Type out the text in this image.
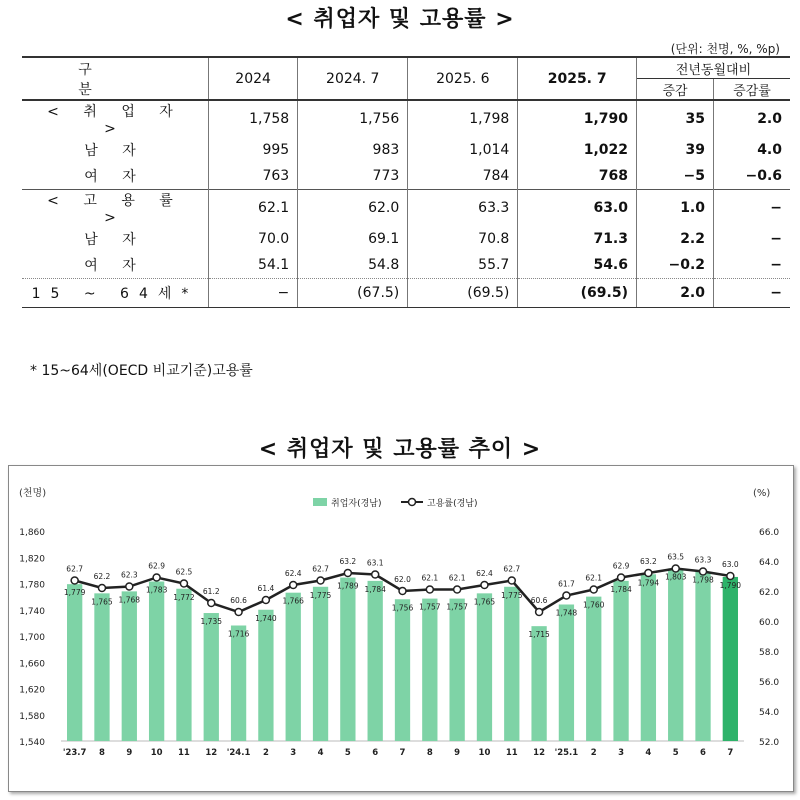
< 취업자 및 고용률 >
(단위: 천명, %, %p)
구 분	2024	2024. 7	2025. 6	2025. 7	전년동월대비	
					증감	증감률
< 취 업 자 >	1,758	1,756	1,798	1,790	35	2.0
남 자	995	983	1,014	1,022	39	4.0
여 자	763	773	784	768	−5	−0.6
< 고 용 률 >	62.1	62.0	63.3	63.0	1.0	−
남 자	70.0	69.1	70.8	71.3	2.2	−
여 자	54.1	54.8	55.7	54.6	−0.2	−
15 ~ 64세*	−	(67.5)	(69.5)	(69.5)	2.0	−
* 15~64세(OECD 비교기준)고용률
< 취업자 및 고용률 추이 >
(천명)	(%)
1,540
1,580
1,620
1,660
1,700
1,740
1,780
1,820
1,860
52.0
54.0
56.0
58.0
60.0
62.0
64.0
66.0
취업자(경남)	고용률(경남)
1,779
'23.7
1,765
8
1,768
9
1,783
10
1,772
11
1,735
12
1,716
'24.1
1,740
2
1,766
3
1,775
4
1,789
5
1,784
6
1,756
7
1,757
8
1,757
9
1,765
10
1,775
11
1,715
12
1,748
'25.1
1,760
2
1,784
3
1,794
4
1,803
5
1,798
6
1,790
7
62.7
62.2 62.3
62.9
62.5
61.2
60.6
61.4
62.4 62.7
63.2 63.1
62.0 62.1 62.1 62.4 62.7
60.6
61.7
62.1
62.9 63.2 63.5 63.3 63.0
